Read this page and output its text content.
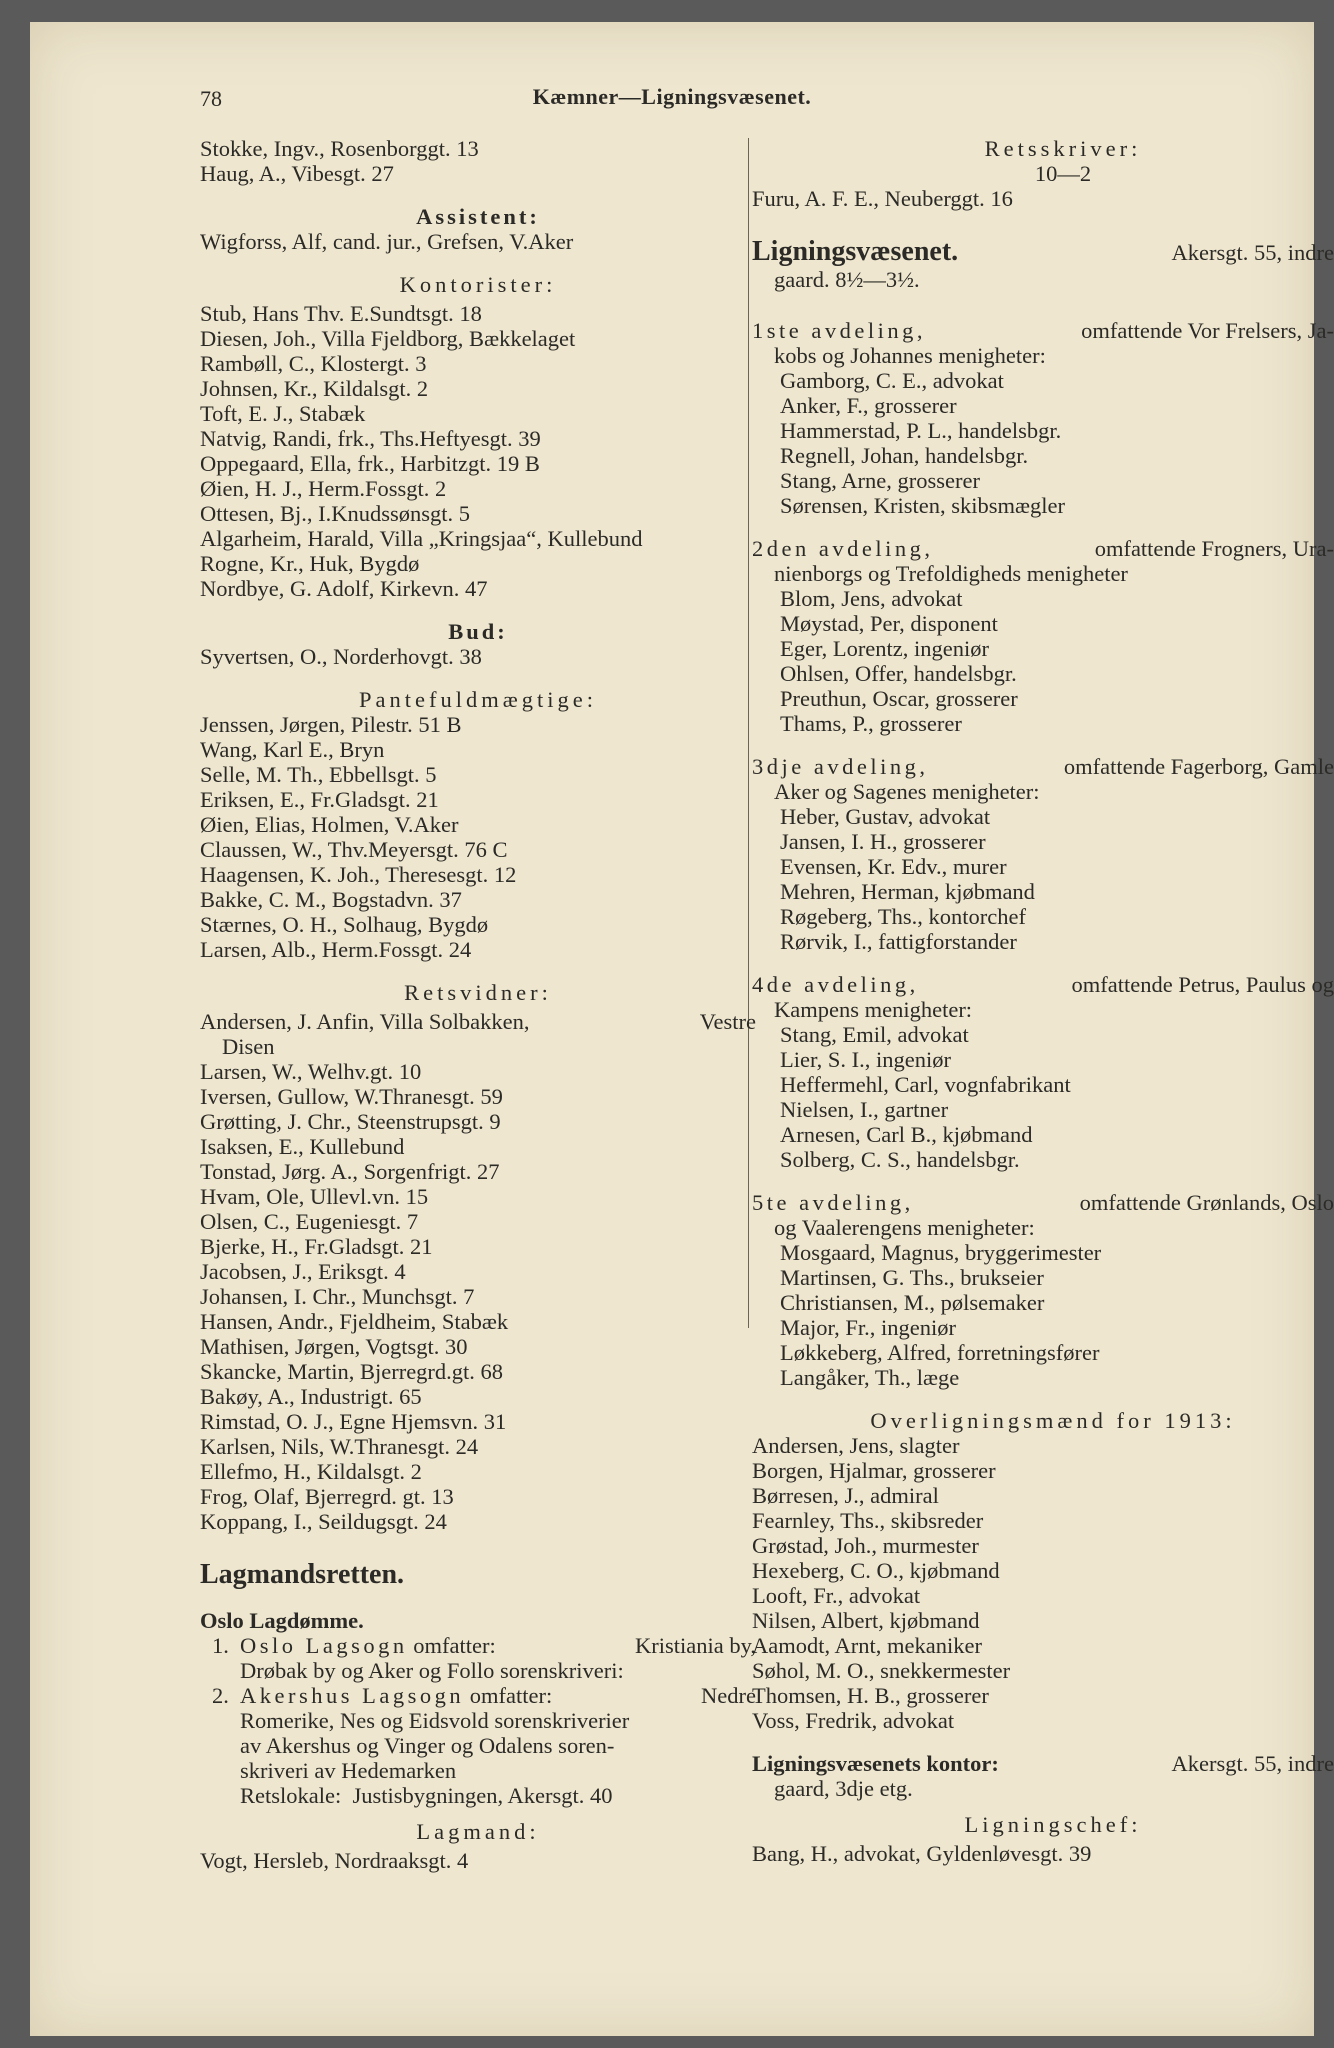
78	Kæmner—Ligningsvæsenet.
Stokke, Ingv., Rosenborggt. 13
Haug, A., Vibesgt. 27
Assistent:
Wigforss, Alf, cand. jur., Grefsen, V.Aker
Kontorister:
Stub, Hans Thv. E.Sundtsgt. 18
Diesen, Joh., Villa Fjeldborg, Bækkelaget
Rambøll, C., Klostergt. 3
Johnsen, Kr., Kildalsgt. 2
Toft, E. J., Stabæk
Natvig, Randi, frk., Ths.Heftyesgt. 39
Oppegaard, Ella, frk., Harbitzgt. 19 B
Øien, H. J., Herm.Fossgt. 2
Ottesen, Bj., I.Knudssønsgt. 5
Algarheim, Harald, Villa „Kringsjaa“, Kullebund
Rogne, Kr., Huk, Bygdø
Nordbye, G. Adolf, Kirkevn. 47
Bud:
Syvertsen, O., Norderhovgt. 38
Pantefuldmægtige:
Jenssen, Jørgen, Pilestr. 51 B
Wang, Karl E., Bryn
Selle, M. Th., Ebbellsgt. 5
Eriksen, E., Fr.Gladsgt. 21
Øien, Elias, Holmen, V.Aker
Claussen, W., Thv.Meyersgt. 76 C
Haagensen, K. Joh., Theresesgt. 12
Bakke, C. M., Bogstadvn. 37
Stærnes, O. H., Solhaug, Bygdø
Larsen, Alb., Herm.Fossgt. 24
Retsvidner:
Andersen, J. Anfin, Villa Solbakken,	Vestre
Disen
Larsen, W., Welhv.gt. 10
Iversen, Gullow, W.Thranesgt. 59
Grøtting, J. Chr., Steenstrupsgt. 9
Isaksen, E., Kullebund
Tonstad, Jørg. A., Sorgenfrigt. 27
Hvam, Ole, Ullevl.vn. 15
Olsen, C., Eugeniesgt. 7
Bjerke, H., Fr.Gladsgt. 21
Jacobsen, J., Eriksgt. 4
Johansen, I. Chr., Munchsgt. 7
Hansen, Andr., Fjeldheim, Stabæk
Mathisen, Jørgen, Vogtsgt. 30
Skancke, Martin, Bjerregrd.gt. 68
Bakøy, A., Industrigt. 65
Rimstad, O. J., Egne Hjemsvn. 31
Karlsen, Nils, W.Thranesgt. 24
Ellefmo, H., Kildalsgt. 2
Frog, Olaf, Bjerregrd. gt. 13
Koppang, I., Seildugsgt. 24
Lagmandsretten.
Oslo Lagdømme.
1. Oslo Lagsogn omfatter:	Kristiania by,
Drøbak by og Aker og Follo sorenskriveri:
2. Akershus Lagsogn omfatter:	Nedre
Romerike, Nes og Eidsvold sorenskriverier
av Akershus og Vinger og Odalens soren-
skriveri av Hedemarken
Retslokale: Justisbygningen, Akersgt. 40
Lagmand:
Vogt, Hersleb, Nordraaksgt. 4
Retsskriver:
10—2
Furu, A. F. E., Neuberggt. 16
Ligningsvæsenet.	Akersgt. 55, indre
gaard. 8½—3½.
1ste avdeling,	omfattende Vor Frelsers, Ja-
kobs og Johannes menigheter:
Gamborg, C. E., advokat
Anker, F., grosserer
Hammerstad, P. L., handelsbgr.
Regnell, Johan, handelsbgr.
Stang, Arne, grosserer
Sørensen, Kristen, skibsmægler
2den avdeling,	omfattende Frogners, Ura-
nienborgs og Trefoldigheds menigheter
Blom, Jens, advokat
Møystad, Per, disponent
Eger, Lorentz, ingeniør
Ohlsen, Offer, handelsbgr.
Preuthun, Oscar, grosserer
Thams, P., grosserer
3dje avdeling,	omfattende Fagerborg, Gamle
Aker og Sagenes menigheter:
Heber, Gustav, advokat
Jansen, I. H., grosserer
Evensen, Kr. Edv., murer
Mehren, Herman, kjøbmand
Røgeberg, Ths., kontorchef
Rørvik, I., fattigforstander
4de avdeling,	omfattende Petrus, Paulus og
Kampens menigheter:
Stang, Emil, advokat
Lier, S. I., ingeniør
Heffermehl, Carl, vognfabrikant
Nielsen, I., gartner
Arnesen, Carl B., kjøbmand
Solberg, C. S., handelsbgr.
5te avdeling,	omfattende Grønlands, Oslo
og Vaalerengens menigheter:
Mosgaard, Magnus, bryggerimester
Martinsen, G. Ths., brukseier
Christiansen, M., pølsemaker
Major, Fr., ingeniør
Løkkeberg, Alfred, forretningsfører
Langåker, Th., læge
Overligningsmænd for 1913:
Andersen, Jens, slagter
Borgen, Hjalmar, grosserer
Børresen, J., admiral
Fearnley, Ths., skibsreder
Grøstad, Joh., murmester
Hexeberg, C. O., kjøbmand
Looft, Fr., advokat
Nilsen, Albert, kjøbmand
Aamodt, Arnt, mekaniker
Søhol, M. O., snekkermester
Thomsen, H. B., grosserer
Voss, Fredrik, advokat
Ligningsvæsenets kontor:	Akersgt. 55, indre
gaard, 3dje etg.
Ligningschef:
Bang, H., advokat, Gyldenløvesgt. 39
